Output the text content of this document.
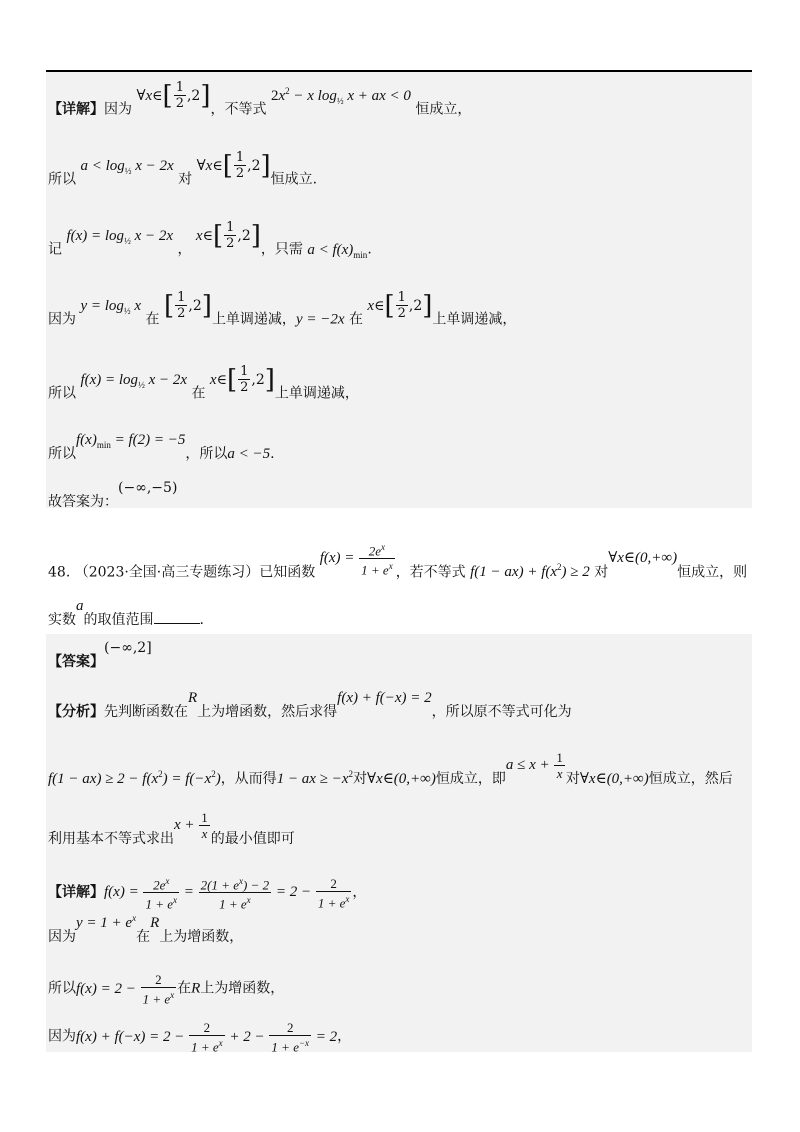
【详解】因为 ∀x∈[ $\frac{1}{2} ,2$]，不等式 $2x^2 - x$ $\log_{\frac{1}{2}} x$ + ax < 0 恒成立，
所以 $a < \log_{\frac{1}{2}} x - 2x$ 对 ∀x∈[ $\frac{1}{2} ,2$]恒成立.
记 $f(x) = \log_{\frac{1}{2}} x - 2x$ ， x∈[ $\frac{1}{2} ,2$]，只需 $a < f(x)_{min}$.
因为 $y = \log_{\frac{1}{2}} x$ 在 [ $\frac{1}{2} ,2$]上单调递减，y = −2x 在 x∈[ $\frac{1}{2} ,2$]上单调递减，
所以 $f(x) = \log_{\frac{1}{2}} x - 2x$ 在 x∈[ $\frac{1}{2} ,2$]上单调递减，
所以$f(x)_{min} = f(2) = -5$，所以a < −5.
故答案为：(−∞,−5)
48. （2023·全国·高三专题练习）已知函数 $f(x) = \frac{2e^x}{1 + e^x}$ ，若不等式 $f(1 - ax) + f(x^2) \ge 2$ 对∀x∈(0,+∞)恒成立，则
实数a的取值范围	.
【答案】(−∞,2]
【分析】先判断函数在R上为增函数，然后求得f(x) + f(−x) = 2，所以原不等式可化为
$f(1 - ax) \ge 2 - f(x^2) = f(-x^2)$，从而得1 − ax ≥ $-x^2$对∀x∈(0,+∞)恒成立，即$a \le x + \frac{1}{x}$ 对∀x∈(0,+∞)恒成立，然后
利用基本不等式求出$x + \frac{1}{x}$ 的最小值即可
【详解】$f(x) = \frac{2e^x}{1 + e^x} = \frac{2(1 + e^x) - 2}{1 + e^x} = 2 - \frac{2}{1 + e^x}$ ，
因为$y = 1 + e^x$在R上为增函数，
所以$f(x) = 2 - \frac{2}{1 + e^x}$ 在R上为增函数，
因为$f(x) + f(-x) = 2 - \frac{2}{1 + e^x} + 2 - \frac{2}{1 + e^{-x}} = 2$，
